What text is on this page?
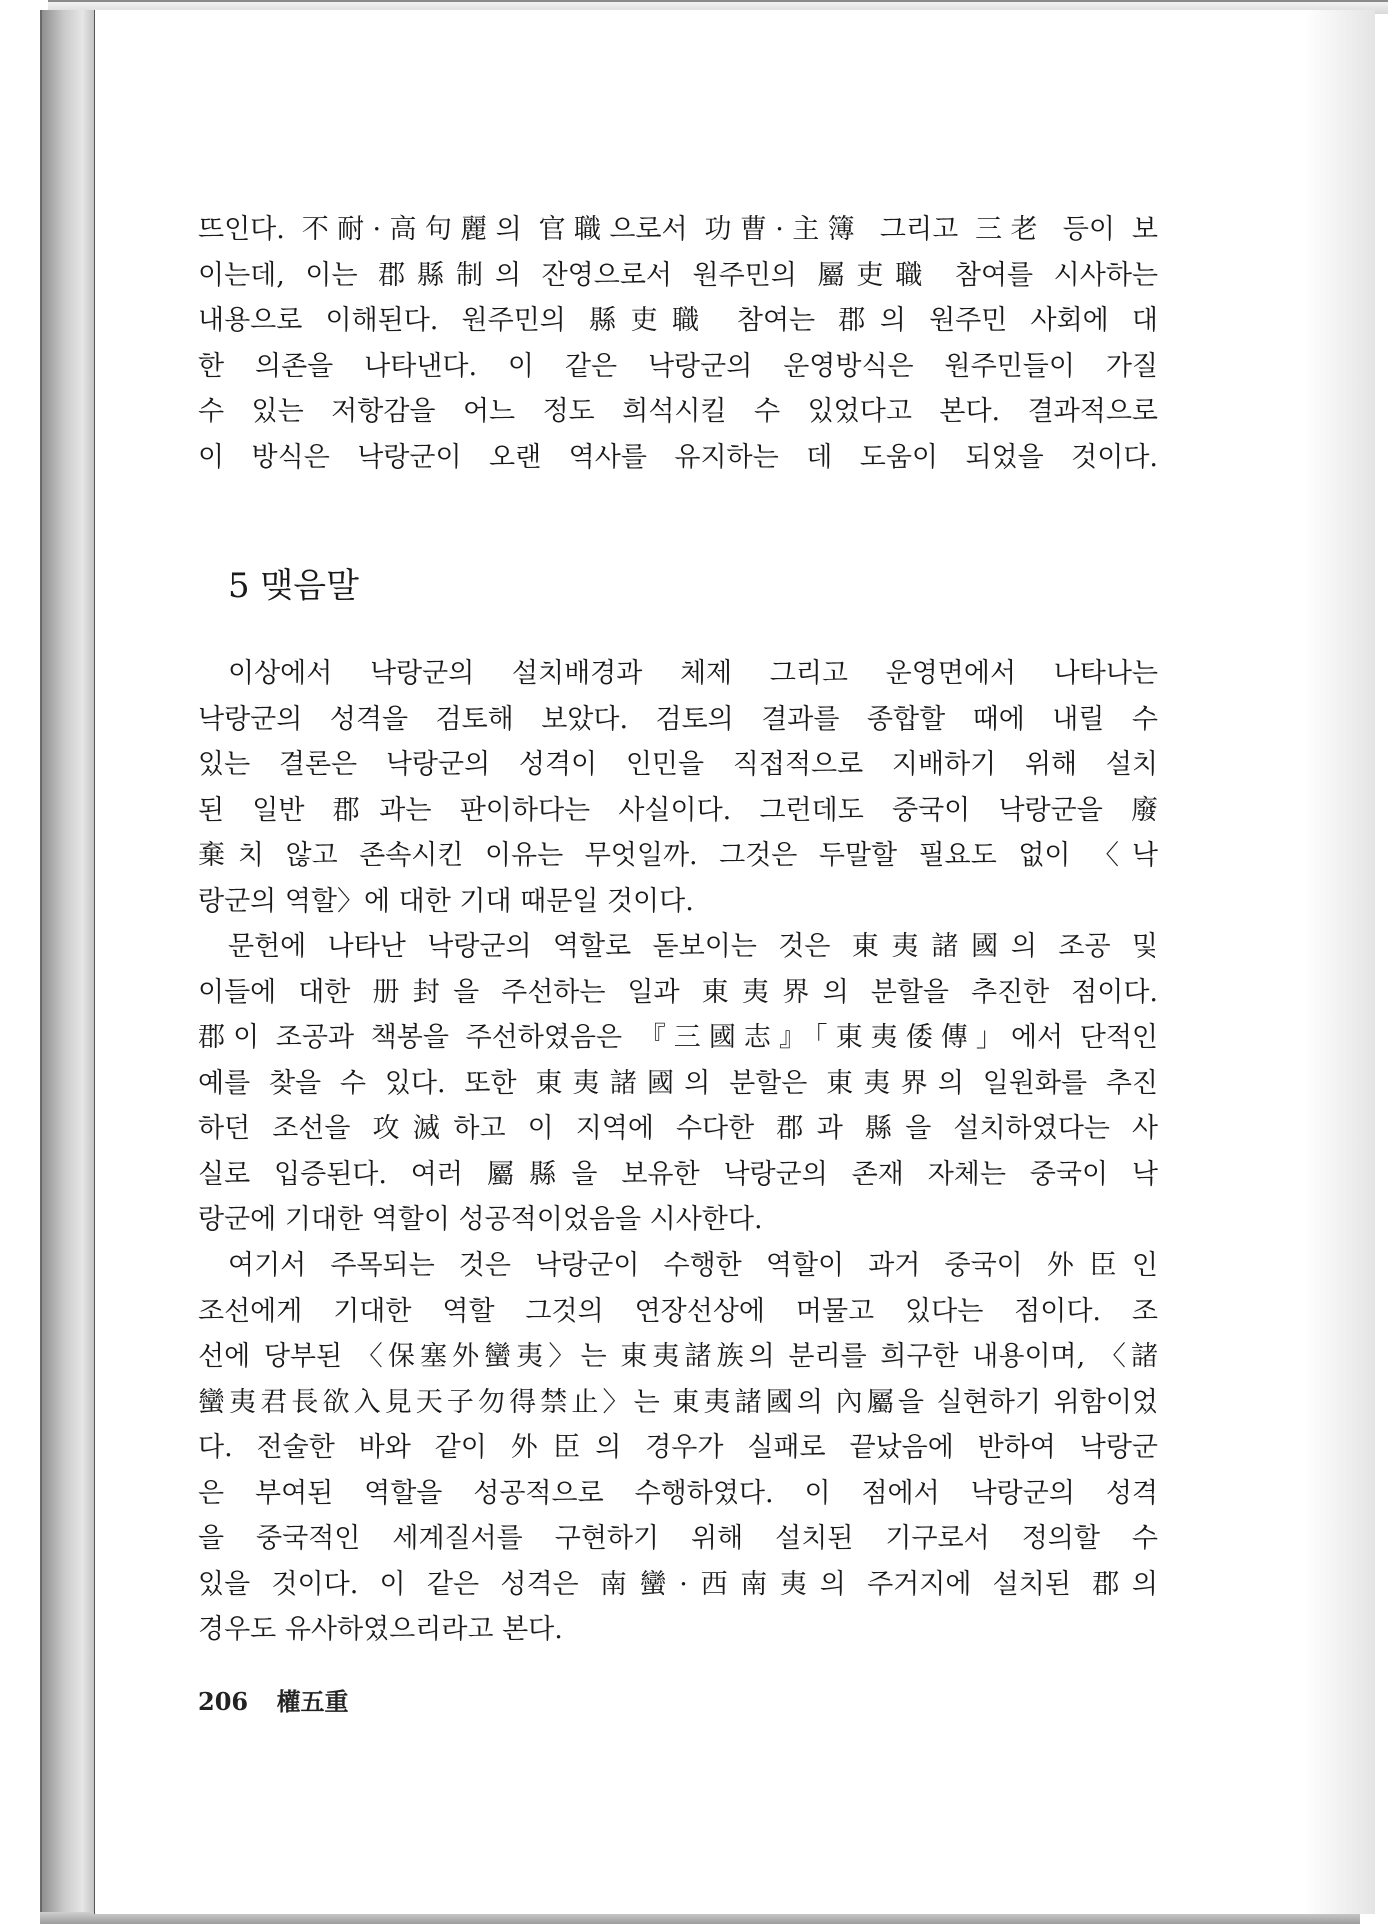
뜨인다. 不耐·高句麗의 官職으로서 功曹·主簿 그리고 三老 등이 보
이는데, 이는 郡縣制의 잔영으로서 원주민의 屬吏職 참여를 시사하는
내용으로 이해된다. 원주민의 縣吏職 참여는 郡의 원주민 사회에 대
한 의존을 나타낸다. 이 같은 낙랑군의 운영방식은 원주민들이 가질
수 있는 저항감을 어느 정도 희석시킬 수 있었다고 본다. 결과적으로
이 방식은 낙랑군이 오랜 역사를 유지하는 데 도움이 되었을 것이다.
5 맺음말
이상에서 낙랑군의 설치배경과 체제 그리고 운영면에서 나타나는
낙랑군의 성격을 검토해 보았다. 검토의 결과를 종합할 때에 내릴 수
있는 결론은 낙랑군의 성격이 인민을 직접적으로 지배하기 위해 설치
된 일반 郡과는 판이하다는 사실이다. 그런데도 중국이 낙랑군을 廢
棄치 않고 존속시킨 이유는 무엇일까. 그것은 두말할 필요도 없이 〈낙
랑군의 역할〉에 대한 기대 때문일 것이다.
문헌에 나타난 낙랑군의 역할로 돋보이는 것은 東夷諸國의 조공 및
이들에 대한 册封을 주선하는 일과 東夷界의 분할을 추진한 점이다.
郡이 조공과 책봉을 주선하였음은 『三國志』「東夷倭傳」에서 단적인
예를 찾을 수 있다. 또한 東夷諸國의 분할은 東夷界의 일원화를 추진
하던 조선을 攻滅하고 이 지역에 수다한 郡과 縣을 설치하였다는 사
실로 입증된다. 여러 屬縣을 보유한 낙랑군의 존재 자체는 중국이 낙
랑군에 기대한 역할이 성공적이었음을 시사한다.
여기서 주목되는 것은 낙랑군이 수행한 역할이 과거 중국이 外臣인
조선에게 기대한 역할 그것의 연장선상에 머물고 있다는 점이다. 조
선에 당부된 〈保塞外蠻夷〉는 東夷諸族의 분리를 희구한 내용이며, 〈諸
蠻夷君長欲入見天子勿得禁止〉는 東夷諸國의 內屬을 실현하기 위함이었
다. 전술한 바와 같이 外臣의 경우가 실패로 끝났음에 반하여 낙랑군
은 부여된 역할을 성공적으로 수행하였다. 이 점에서 낙랑군의 성격
을 중국적인 세계질서를 구현하기 위해 설치된 기구로서 정의할 수
있을 것이다. 이 같은 성격은 南蠻·西南夷의 주거지에 설치된 郡의
경우도 유사하였으리라고 본다.
206 權五重
